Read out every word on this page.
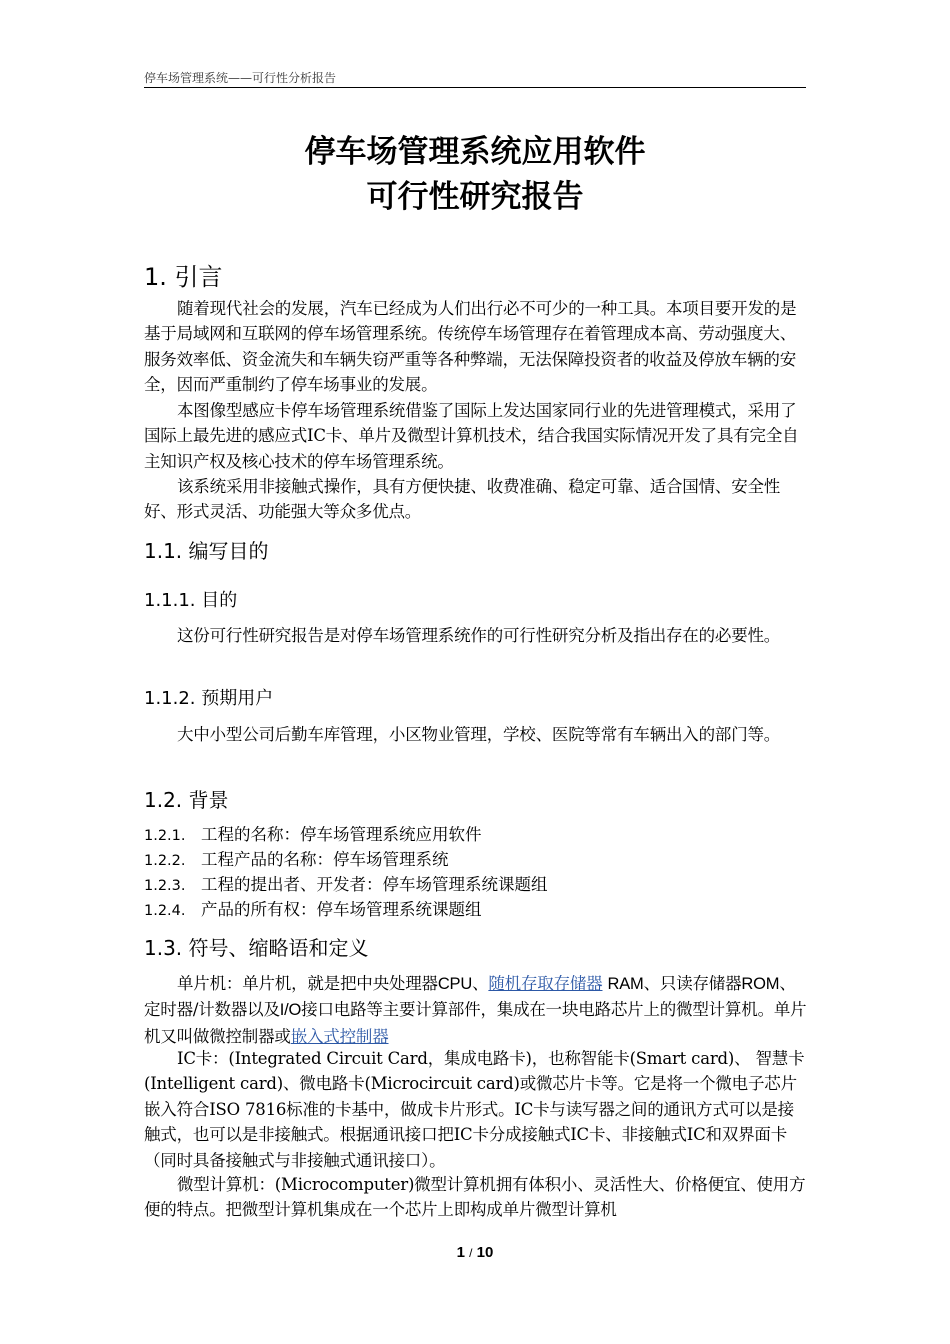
停车场管理系统——可行性分析报告
停车场管理系统应用软件
可行性研究报告
1. 引言
随着现代社会的发展，汽车已经成为人们出行必不可少的一种工具。本项目要开发的是基于局域网和互联网的停车场管理系统。传统停车场管理存在着管理成本高、劳动强度大、服务效率低、资金流失和车辆失窃严重等各种弊端，无法保障投资者的收益及停放车辆的安全，因而严重制约了停车场事业的发展。
本图像型感应卡停车场管理系统借鉴了国际上发达国家同行业的先进管理模式，采用了国际上最先进的感应式IC卡、单片及微型计算机技术，结合我国实际情况开发了具有完全自主知识产权及核心技术的停车场管理系统。
该系统采用非接触式操作，具有方便快捷、收费准确、稳定可靠、适合国情、安全性好、形式灵活、功能强大等众多优点。
1.1. 编写目的
1.1.1. 目的
这份可行性研究报告是对停车场管理系统作的可行性研究分析及指出存在的必要性。
1.1.2. 预期用户
大中小型公司后勤车库管理，小区物业管理，学校、医院等常有车辆出入的部门等。
1.2. 背景
1.2.1. 工程的名称：停车场管理系统应用软件
1.2.2. 工程产品的名称：停车场管理系统
1.2.3. 工程的提出者、开发者：停车场管理系统课题组
1.2.4. 产品的所有权：停车场管理系统课题组
1.3. 符号、缩略语和定义
单片机：单片机，就是把中央处理器CPU、随机存取存储器 RAM、只读存储器ROM、定时器/计数器以及I/O接口电路等主要计算部件，集成在一块电路芯片上的微型计算机。单片机又叫做微控制器或嵌入式控制器
IC卡：(Integrated Circuit Card，集成电路卡)，也称智能卡(Smart card)、 智慧卡(Intelligent card)、微电路卡(Microcircuit card)或微芯片卡等。它是将一个微电子芯片嵌入符合ISO 7816标准的卡基中，做成卡片形式。IC卡与读写器之间的通讯方式可以是接触式，也可以是非接触式。根据通讯接口把IC卡分成接触式IC卡、非接触式IC和双界面卡（同时具备接触式与非接触式通讯接口）。
微型计算机：(Microcomputer)微型计算机拥有体积小、灵活性大、价格便宜、使用方便的特点。把微型计算机集成在一个芯片上即构成单片微型计算机
1 / 10
